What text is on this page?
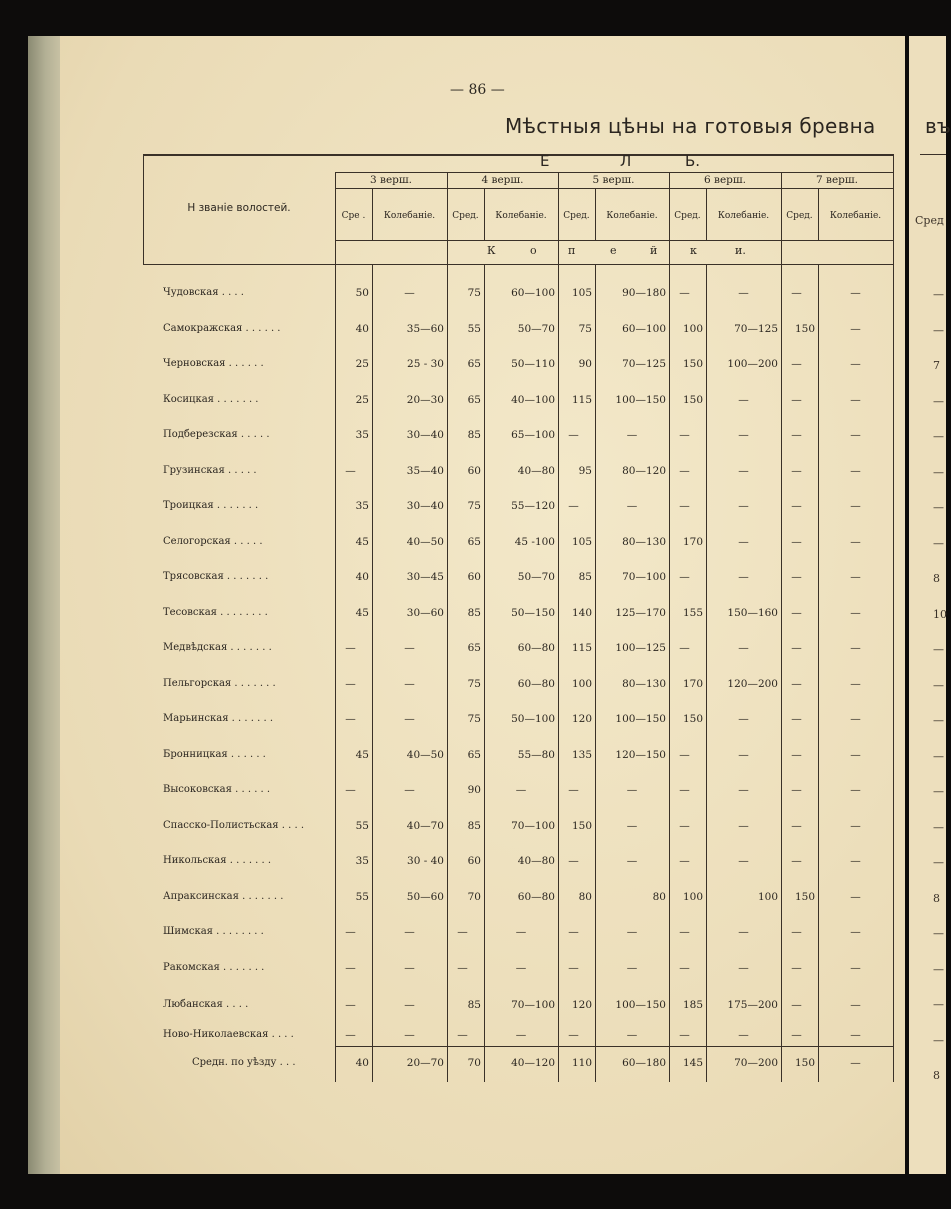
Сред
—
—
7
—
—
—
—
—
8
10
—
—
—
—
—
—
—
8
—
—
—
—
8
— 86 —
Мѣстныя цѣны на готовыя бревна въ
Н званіе волостей.
Е	Л	Ь.
3 верш.	4 верш.	5 верш.	6 верш.	7 верш.
Сре .	Колебаніе.	Сред.	Колебаніе.	Сред.	Колебаніе.	Сред.	Колебаніе.	Сред.	Колебаніе.
К	о	п	е	й	к	и.
Чудовская . . . .	50	—	75	60—100	105	90—180	—	—	—	—
Самокражская . . . . . .	40	35—60	55	50—70	75	60—100	100	70—125	150	—
Черновская . . . . . .	25	25 - 30	65	50—110	90	70—125	150	100—200	—	—
Косицкая . . . . . . .	25	20—30	65	40—100	115	100—150	150	—	—	—
Подберезская . . . . .	35	30—40	85	65—100	—	—	—	—	—	—
Грузинская . . . . .	—	35—40	60	40—80	95	80—120	—	—	—	—
Троицкая . . . . . . .	35	30—40	75	55—120	—	—	—	—	—	—
Селогорская . . . . .	45	40—50	65	45 -100	105	80—130	170	—	—	—
Трясовская . . . . . . .	40	30—45	60	50—70	85	70—100	—	—	—	—
Тесовская . . . . . . . .	45	30—60	85	50—150	140	125—170	155	150—160	—	—
Медвѣдская . . . . . . .	—	—	65	60—80	115	100—125	—	—	—	—
Пельгорская . . . . . . .	—	—	75	60—80	100	80—130	170	120—200	—	—
Марьинская . . . . . . .	—	—	75	50—100	120	100—150	150	—	—	—
Бронницкая . . . . . .	45	40—50	65	55—80	135	120—150	—	—	—	—
Высоковская . . . . . .	—	—	90	—	—	—	—	—	—	—
Спасско-Полистьская . . . .	55	40—70	85	70—100	150	—	—	—	—	—
Никольская . . . . . . .	35	30 - 40	60	40—80	—	—	—	—	—	—
Апраксинская . . . . . . .	55	50—60	70	60—80	80	80	100	100	150	—
Шимская . . . . . . . .	—	—	—	—	—	—	—	—	—	—
Ракомская . . . . . . .	—	—	—	—	—	—	—	—	—	—
Любанская . . . .	—	—	85	70—100	120	100—150	185	175—200	—	—
Ново-Николаевская . . . .	—	—	—	—	—	—	—	—	—	—
Средн. по уѣзду . . .	40	20—70	70	40—120	110	60—180	145	70—200	150	—
